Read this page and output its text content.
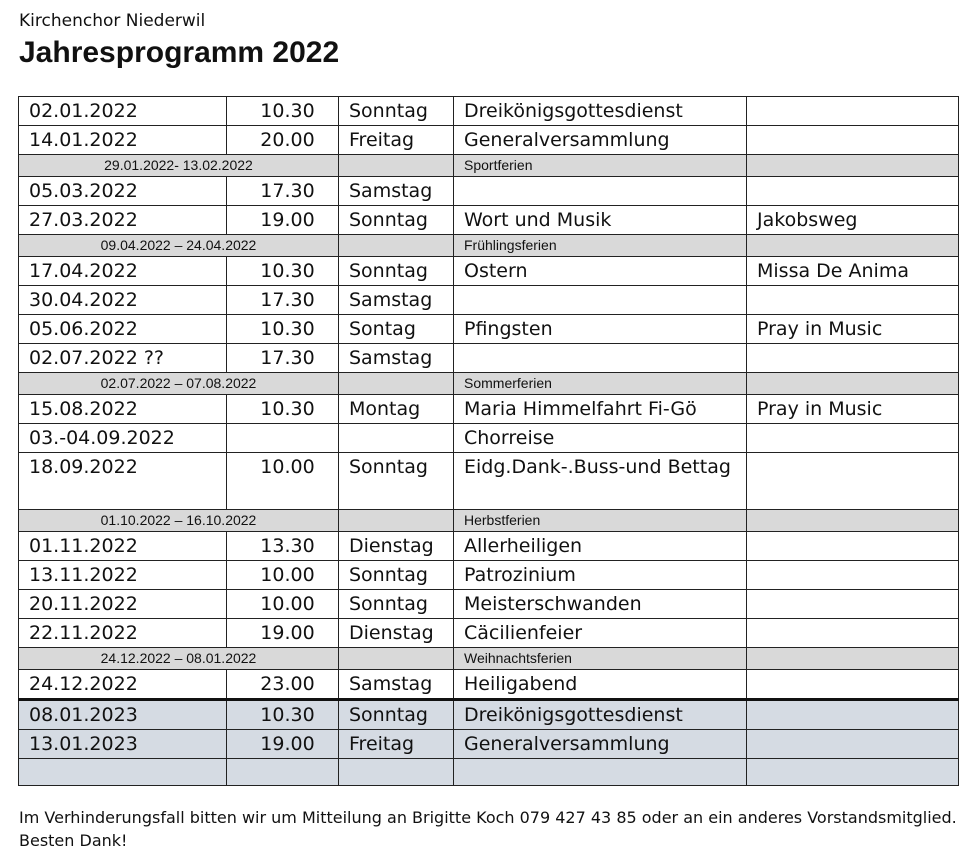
Kirchenchor Niederwil
Jahresprogramm 2022
02.01.2022	10.30	Sonntag	Dreikönigsgottesdienst	
14.01.2022	20.00	Freitag	Generalversammlung	
29.01.2022- 13.02.2022			Sportferien	
05.03.2022	17.30	Samstag		
27.03.2022	19.00	Sonntag	Wort und Musik	Jakobsweg
09.04.2022 – 24.04.2022			Frühlingsferien	
17.04.2022	10.30	Sonntag	Ostern	Missa De Anima
30.04.2022	17.30	Samstag		
05.06.2022	10.30	Sontag	Pfingsten	Pray in Music
02.07.2022 ??	17.30	Samstag		
02.07.2022 – 07.08.2022			Sommerferien	
15.08.2022	10.30	Montag	Maria Himmelfahrt Fi-Gö	Pray in Music
03.-04.09.2022			Chorreise	
18.09.2022	10.00	Sonntag	Eidg.Dank-.Buss-und Bettag	
01.10.2022 – 16.10.2022			Herbstferien	
01.11.2022	13.30	Dienstag	Allerheiligen	
13.11.2022	10.00	Sonntag	Patrozinium	
20.11.2022	10.00	Sonntag	Meisterschwanden	
22.11.2022	19.00	Dienstag	Cäcilienfeier	
24.12.2022 – 08.01.2022			Weihnachtsferien	
24.12.2022	23.00	Samstag	Heiligabend	
08.01.2023	10.30	Sonntag	Dreikönigsgottesdienst	
13.01.2023	19.00	Freitag	Generalversammlung	

Im Verhinderungsfall bitten wir um Mitteilung an Brigitte Koch 079 427 43 85 oder an ein anderes Vorstandsmitglied. Besten Dank!
